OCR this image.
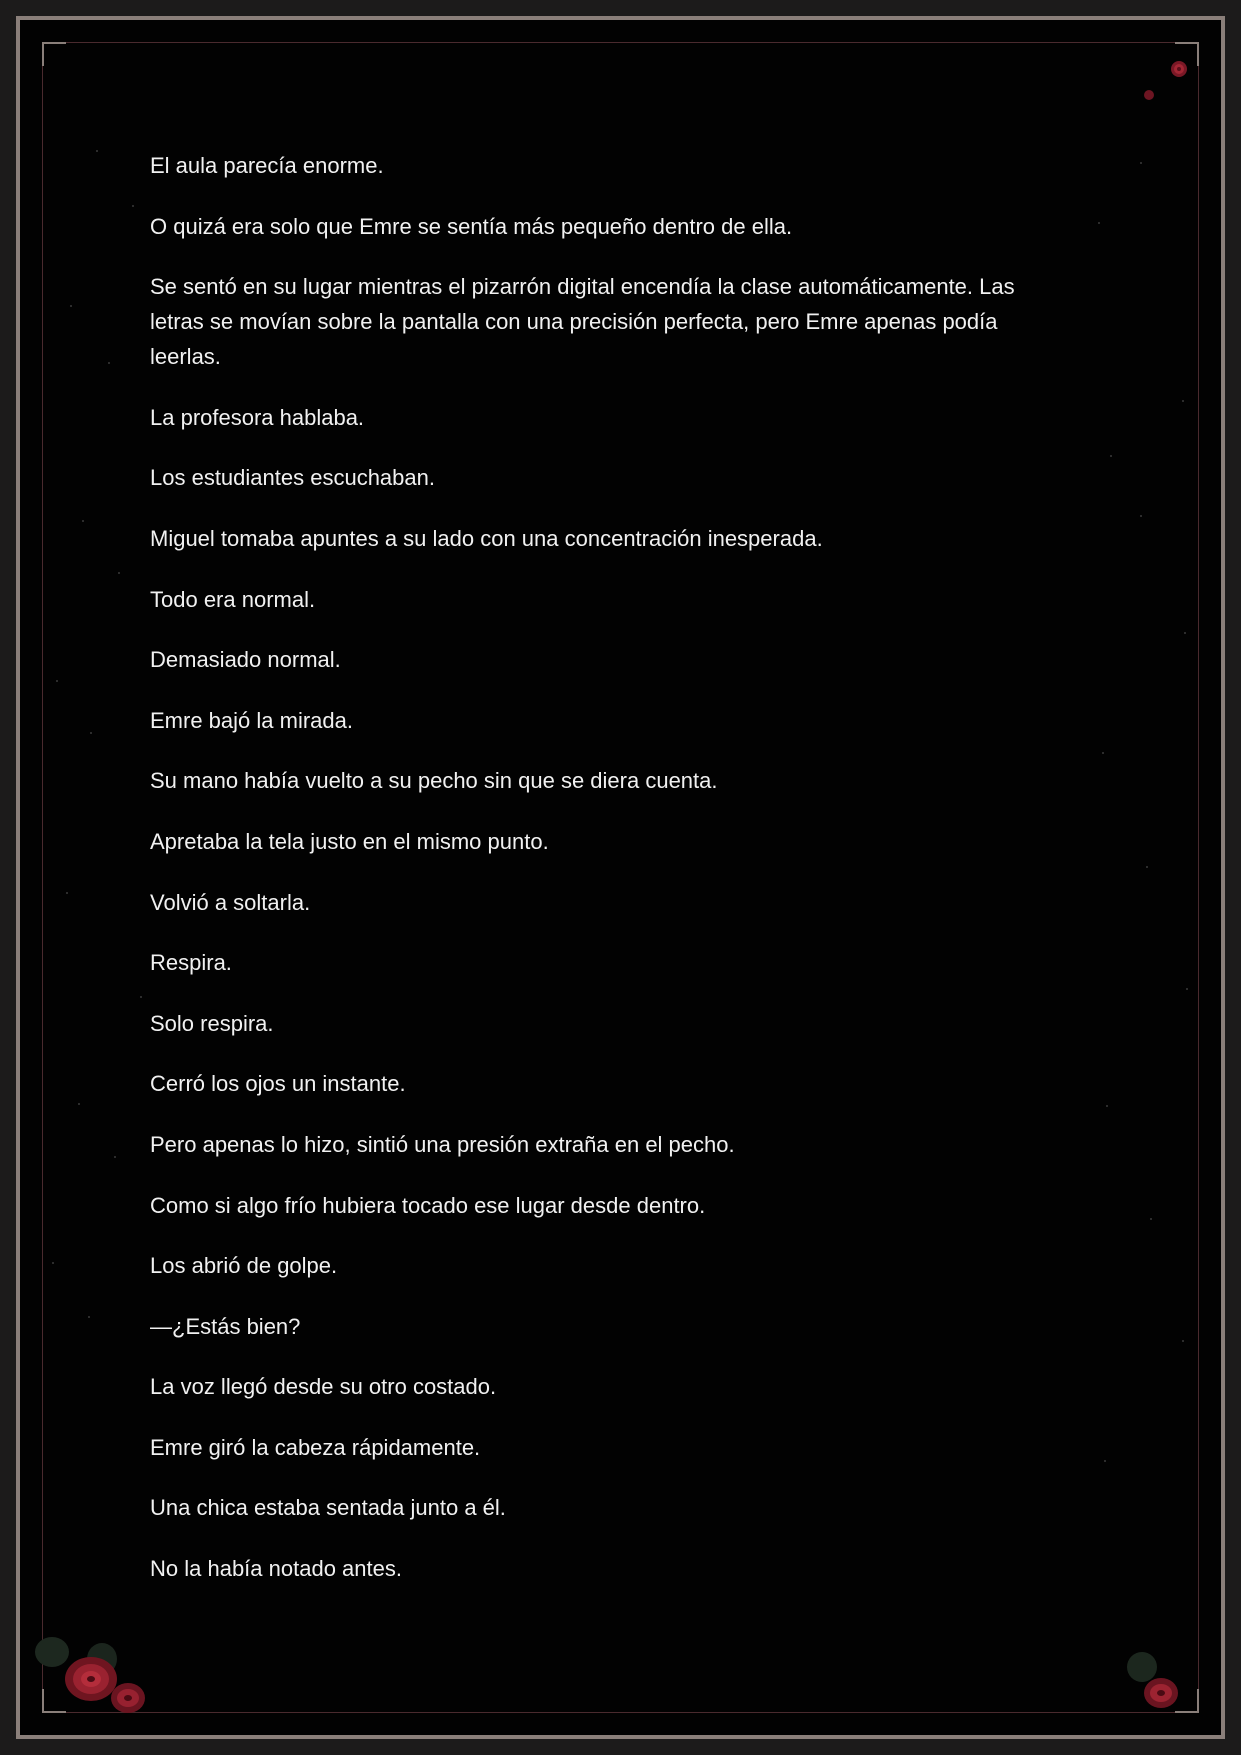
El aula parecía enorme.
O quizá era solo que Emre se sentía más pequeño dentro de ella.
Se sentó en su lugar mientras el pizarrón digital encendía la clase automáticamente. Las letras se movían sobre la pantalla con una precisión perfecta, pero Emre apenas podía leerlas.
La profesora hablaba.
Los estudiantes escuchaban.
Miguel tomaba apuntes a su lado con una concentración inesperada.
Todo era normal.
Demasiado normal.
Emre bajó la mirada.
Su mano había vuelto a su pecho sin que se diera cuenta.
Apretaba la tela justo en el mismo punto.
Volvió a soltarla.
Respira.
Solo respira.
Cerró los ojos un instante.
Pero apenas lo hizo, sintió una presión extraña en el pecho.
Como si algo frío hubiera tocado ese lugar desde dentro.
Los abrió de golpe.
—¿Estás bien?
La voz llegó desde su otro costado.
Emre giró la cabeza rápidamente.
Una chica estaba sentada junto a él.
No la había notado antes.
